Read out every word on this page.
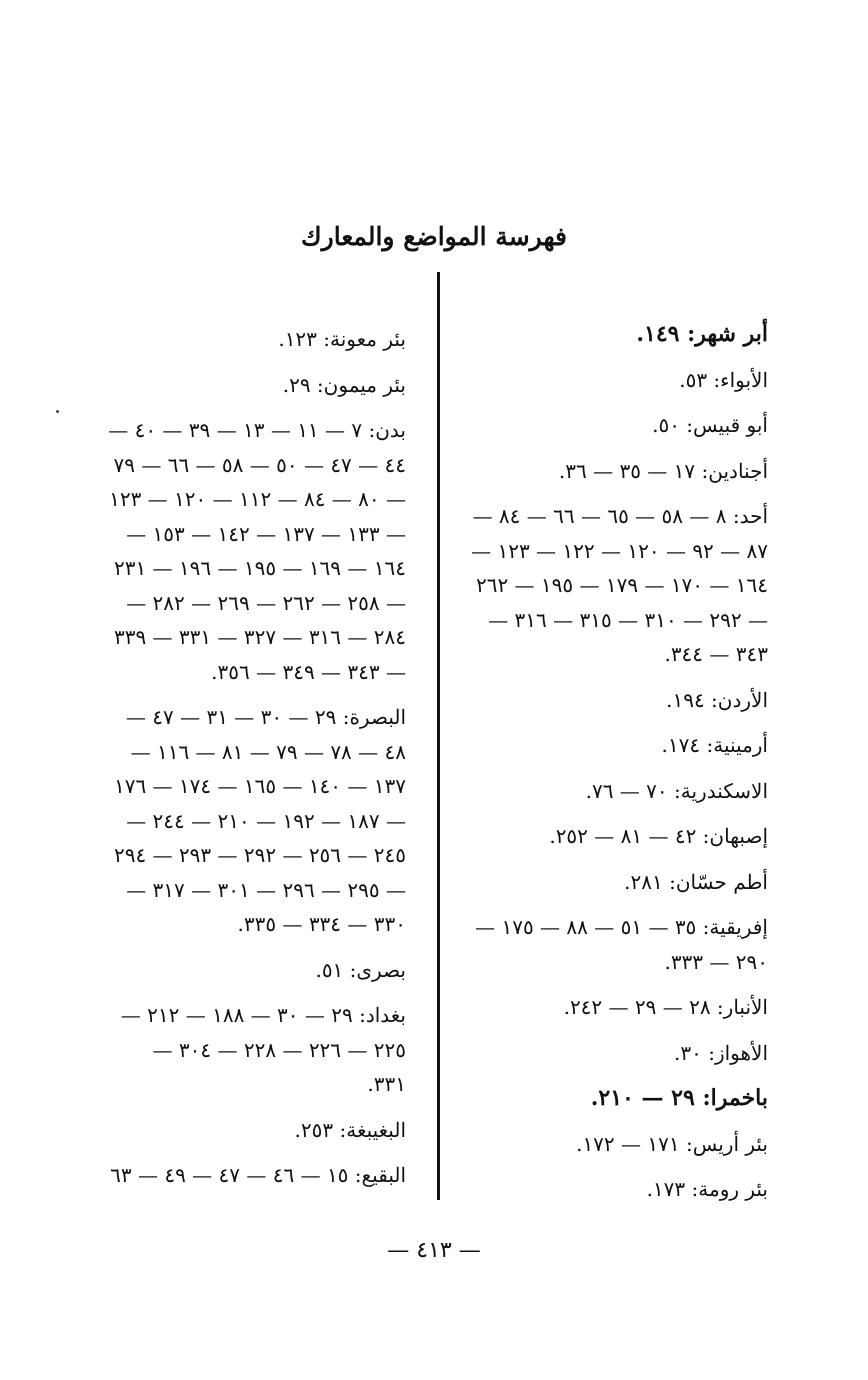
فهرسة المواضع والمعارك
أبر شهر: ١٤٩.
الأبواء: ٥٣.
أبو قبيس: ٥٠.
أجنادين: ١٧ — ٣٥ — ٣٦.
أحد: ٨ — ٥٨ — ٦٥ — ٦٦ — ٨٤ —
٨٧ — ٩٢ — ١٢٠ — ١٢٢ — ١٢٣ —
١٦٤ — ١٧٠ — ١٧٩ — ١٩٥ — ٢٦٢
— ٢٩٢ — ٣١٠ — ٣١٥ — ٣١٦ —
٣٤٣ — ٣٤٤.
الأردن: ١٩٤.
أرمينية: ١٧٤.
الاسكندرية: ٧٠ — ٧٦.
إصبهان: ٤٢ — ٨١ — ٢٥٢.
أطم حسّان: ٢٨١.
إفريقية: ٣٥ — ٥١ — ٨٨ — ١٧٥ —
٢٩٠ — ٣٣٣.
الأنبار: ٢٨ — ٢٩ — ٢٤٢.
الأهواز: ٣٠.
باخمرا: ٢٩ — ٢١٠.
بئر أريس: ١٧١ — ١٧٢.
بئر رومة: ١٧٣.
بئر معونة: ١٢٣.
بئر ميمون: ٢٩.
بدن: ٧ — ١١ — ١٣ — ٣٩ — ٤٠ —
٤٤ — ٤٧ — ٥٠ — ٥٨ — ٦٦ — ٧٩
— ٨٠ — ٨٤ — ١١٢ — ١٢٠ — ١٢٣
— ١٣٣ — ١٣٧ — ١٤٢ — ١٥٣ —
١٦٤ — ١٦٩ — ١٩٥ — ١٩٦ — ٢٣١
— ٢٥٨ — ٢٦٢ — ٢٦٩ — ٢٨٢ —
٢٨٤ — ٣١٦ — ٣٢٧ — ٣٣١ — ٣٣٩
— ٣٤٣ — ٣٤٩ — ٣٥٦.
البصرة: ٢٩ — ٣٠ — ٣١ — ٤٧ —
٤٨ — ٧٨ — ٧٩ — ٨١ — ١١٦ —
١٣٧ — ١٤٠ — ١٦٥ — ١٧٤ — ١٧٦
— ١٨٧ — ١٩٢ — ٢١٠ — ٢٤٤ —
٢٤٥ — ٢٥٦ — ٢٩٢ — ٢٩٣ — ٢٩٤
— ٢٩٥ — ٢٩٦ — ٣٠١ — ٣١٧ —
٣٣٠ — ٣٣٤ — ٣٣٥.
بصرى: ٥١.
بغداد: ٢٩ — ٣٠ — ١٨٨ — ٢١٢ —
٢٢٥ — ٢٢٦ — ٢٢٨ — ٣٠٤ —
٣٣١.
البغيبغة: ٢٥٣.
البقيع: ١٥ — ٤٦ — ٤٧ — ٤٩ — ٦٣
— ٤١٣ —
